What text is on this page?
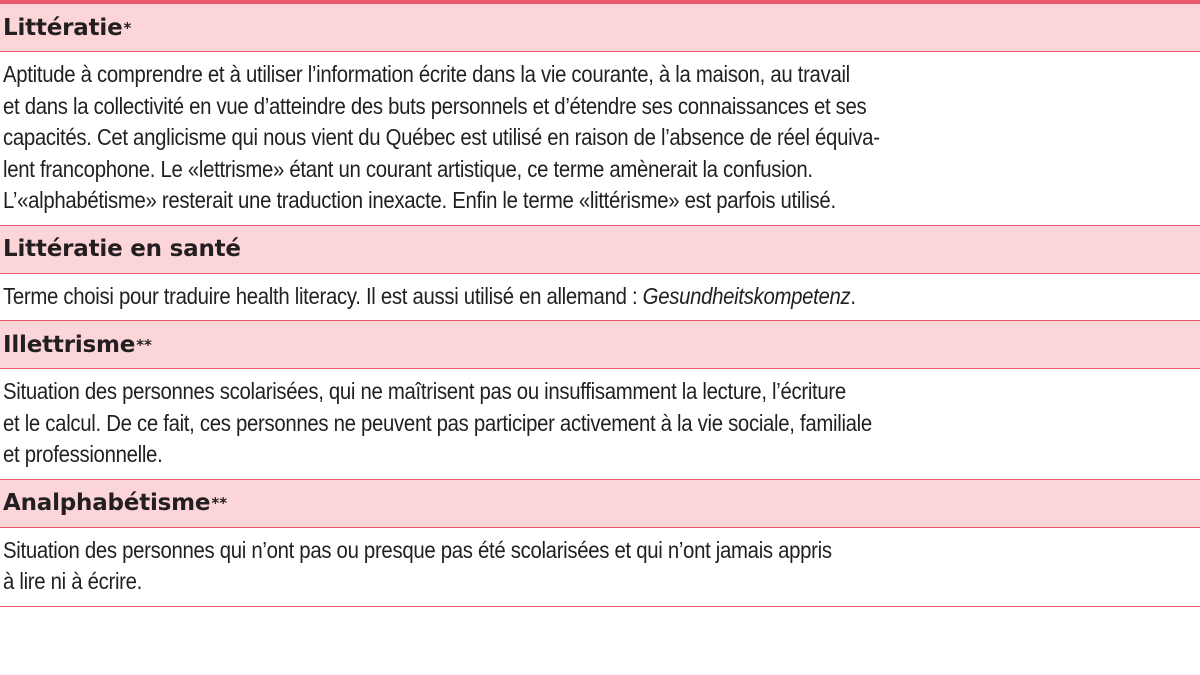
Littératie *
Aptitude à comprendre et à utiliser l’information écrite dans la vie courante, à la maison, au travail
et dans la collectivité en vue d’atteindre des buts personnels et d’étendre ses connaissances et ses
capacités. Cet anglicisme qui nous vient du Québec est utilisé en raison de l’absence de réel équiva-
lent francophone. Le «lettrisme» étant un courant artistique, ce terme amènerait la confusion.
L’«alphabétisme» resterait une traduction inexacte. Enfin le terme «littérisme» est parfois utilisé.
Littératie en santé
Terme choisi pour traduire health literacy. Il est aussi utilisé en allemand : Gesundheitskompetenz.
Illettrisme **
Situation des personnes scolarisées, qui ne maîtrisent pas ou insuffisamment la lecture, l’écriture
et le calcul. De ce fait, ces personnes ne peuvent pas participer activement à la vie sociale, familiale
et professionnelle.
Analphabétisme **
Situation des personnes qui n’ont pas ou presque pas été scolarisées et qui n’ont jamais appris
à lire ni à écrire.
